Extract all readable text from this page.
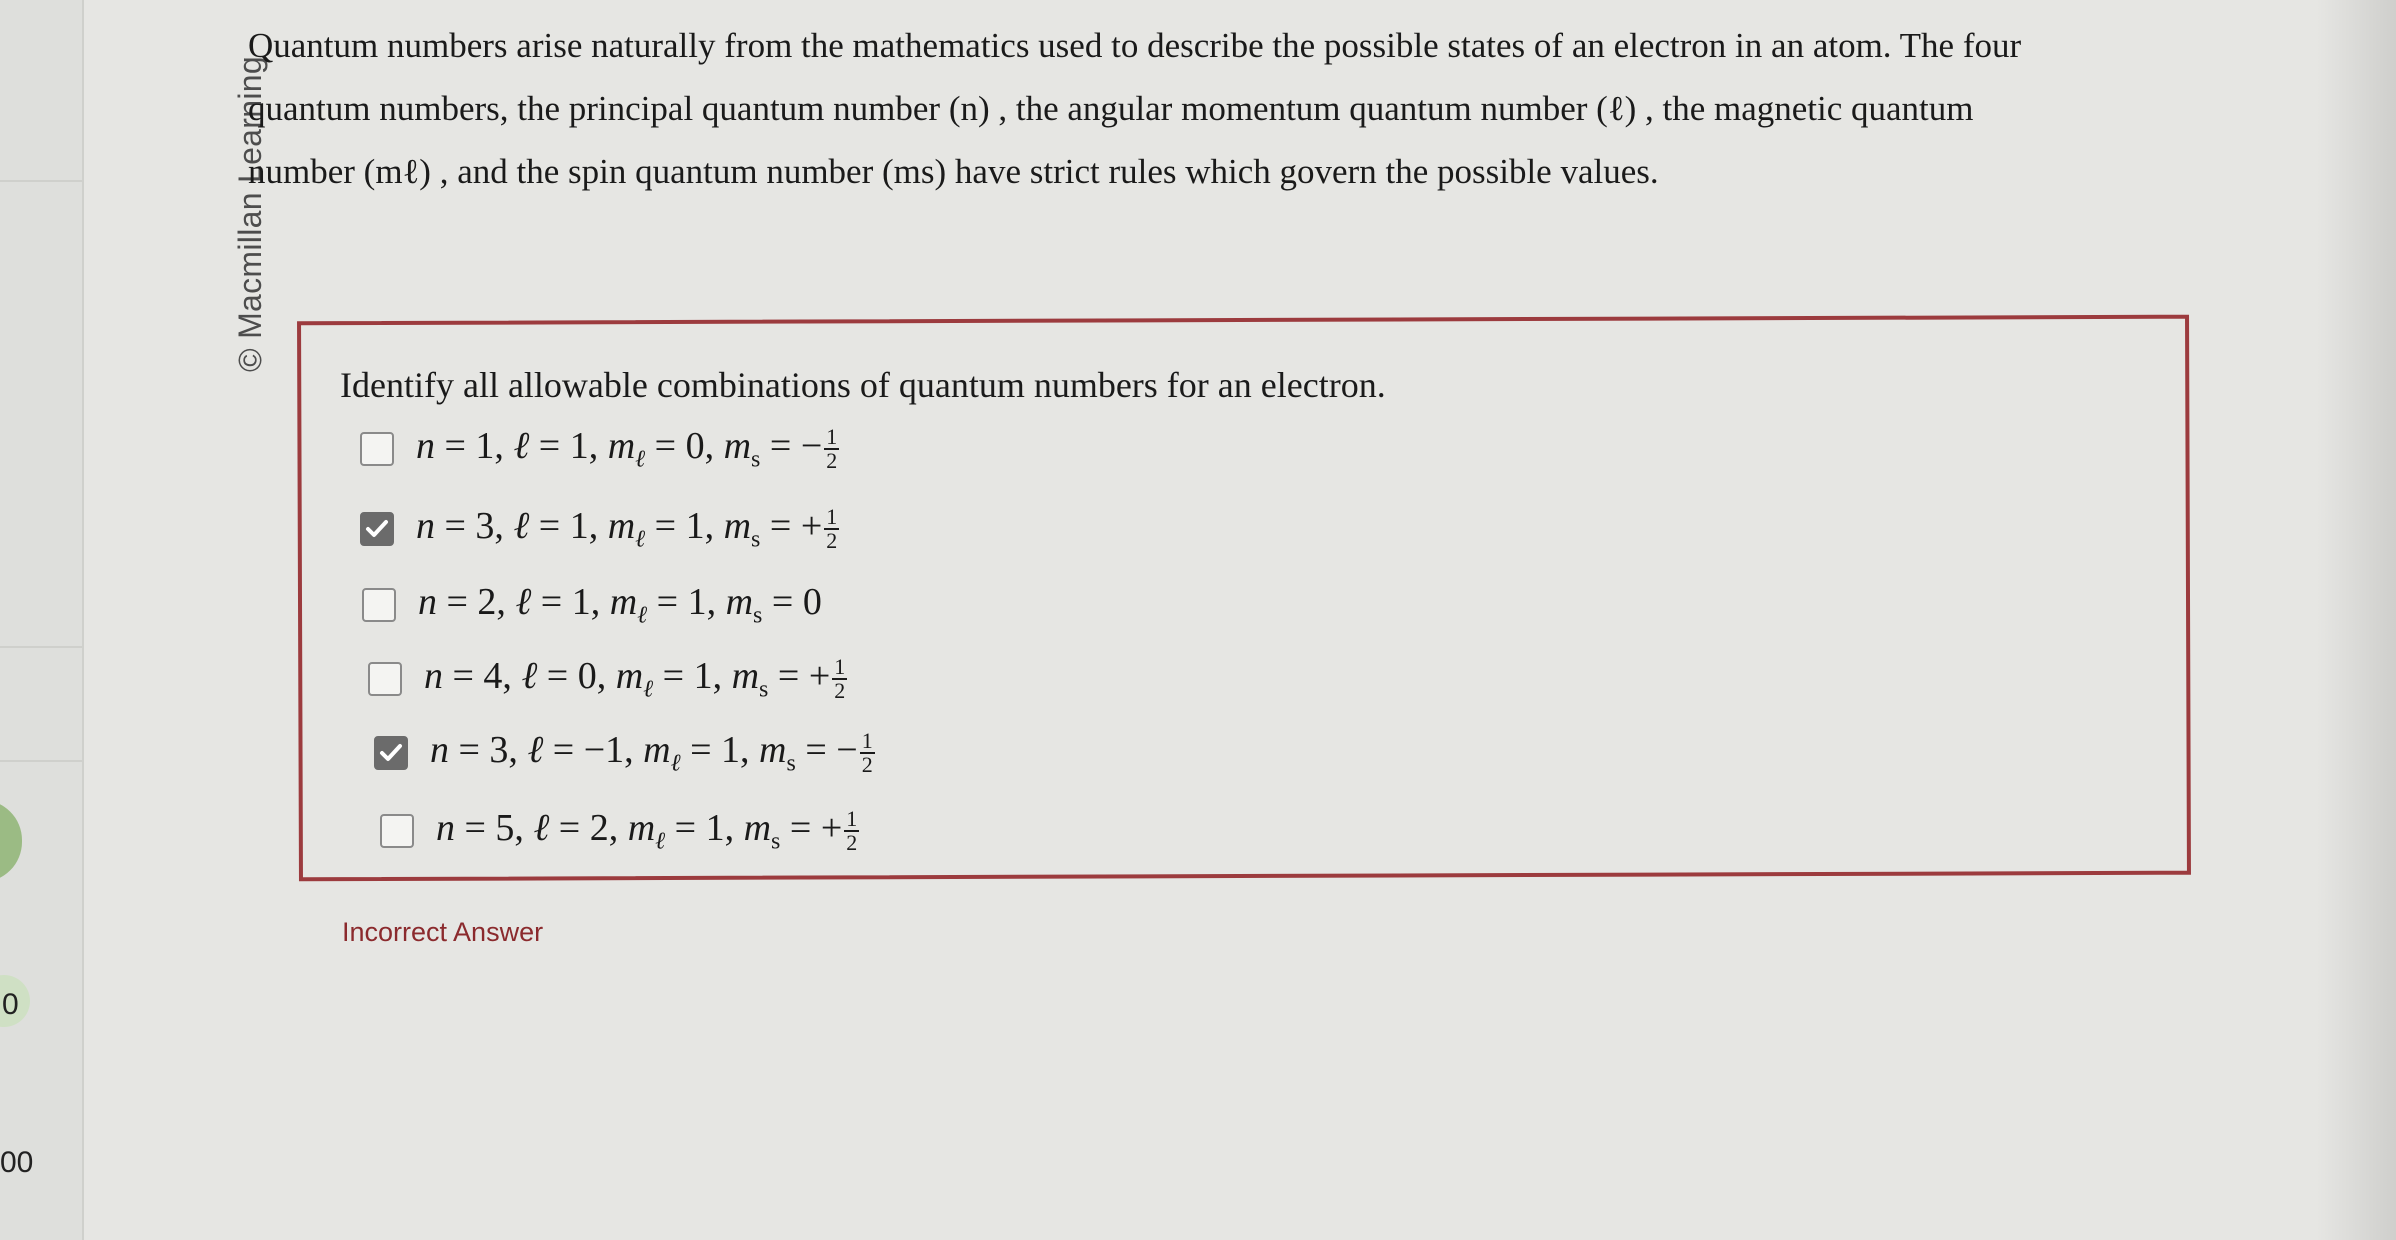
0
00
© Macmillan Learning
Quantum numbers arise naturally from the mathematics used to describe the possible states of an electron in an atom. The four
quantum numbers, the principal quantum number (n) , the angular momentum quantum number (ℓ) , the magnetic quantum
number (mℓ) , and the spin quantum number (ms) have strict rules which govern the possible values.
Identify all allowable combinations of quantum numbers for an electron.
n = 1, ℓ = 1, $m_\ell = 0$, $m_s$ = − $\frac{1}{2}$
n = 3, ℓ = 1, $m_\ell = 1$, $m_s$ = + $\frac{1}{2}$
n = 2, ℓ = 1, $m_\ell = 1$, $m_s = 0$
n = 4, ℓ = 0, $m_\ell = 1$, $m_s$ = + $\frac{1}{2}$
n = 3, ℓ = −1, $m_\ell = 1$, $m_s$ = − $\frac{1}{2}$
n = 5, ℓ = 2, $m_\ell = 1$, $m_s$ = + $\frac{1}{2}$
Incorrect Answer
